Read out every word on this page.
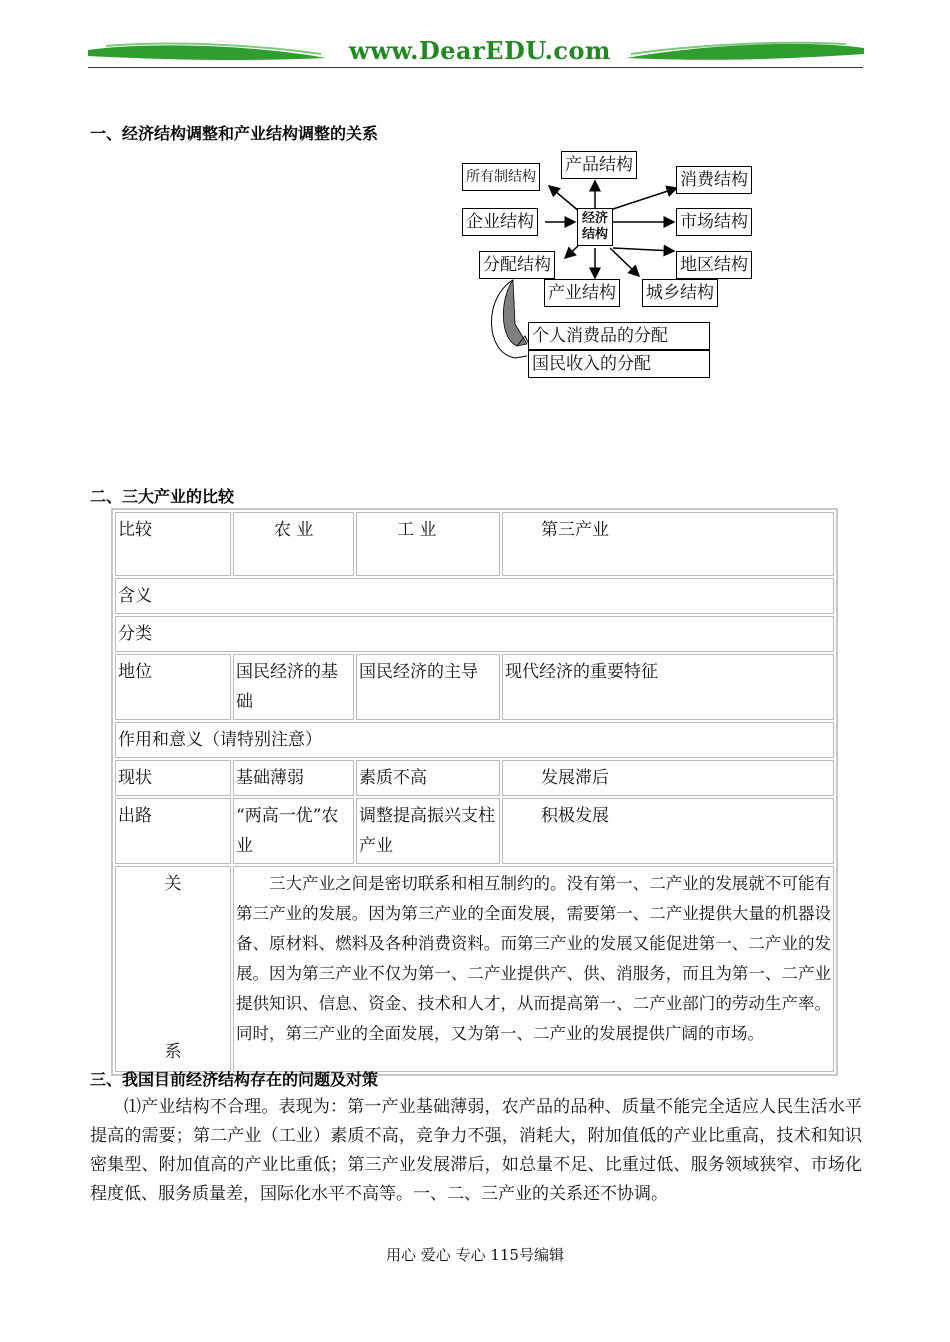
www.DearEDU.com
一、经济结构调整和产业结构调整的关系
所有制结构
产品结构
消费结构
企业结构	经济结构
市场结构
分配结构	地区结构
产业结构 城乡结构
个人消费品的分配
国民收入的分配
二、三大产业的比较
比较	农 业	工 业	第三产业

含义			
分类			
地位	国民经济的基础	国民经济的主导	现代经济的重要特征
作用和意义（请特别注意）			
现状	基础薄弱	素质不高	发展滞后

出路	“两高一优”农业	调整提高振兴支柱产业	积极发展

关
系	三大产业之间是密切联系和相互制约的。没有第一、二产业的发展就不可能有第三产业的发展。因为第三产业的全面发展，需要第一、二产业提供大量的机器设备、原材料、燃料及各种消费资料。而第三产业的发展又能促进第一、二产业的发展。因为第三产业不仅为第一、二产业提供产、供、消服务，而且为第一、二产业提供知识、信息、资金、技术和人才，从而提高第一、二产业部门的劳动生产率。同时，第三产业的全面发展，又为第一、二产业的发展提供广阔的市场。		
三、我国目前经济结构存在的问题及对策
⑴产业结构不合理。表现为：第一产业基础薄弱，农产品的品种、质量不能完全适应人民生活水平提高的需要；第二产业（工业）素质不高，竞争力不强，消耗大，附加值低的产业比重高，技术和知识密集型、附加值高的产业比重低；第三产业发展滞后，如总量不足、比重过低、服务领域狭窄、市场化程度低、服务质量差，国际化水平不高等。一、二、三产业的关系还不协调。
用心 爱心 专心 115号编辑
